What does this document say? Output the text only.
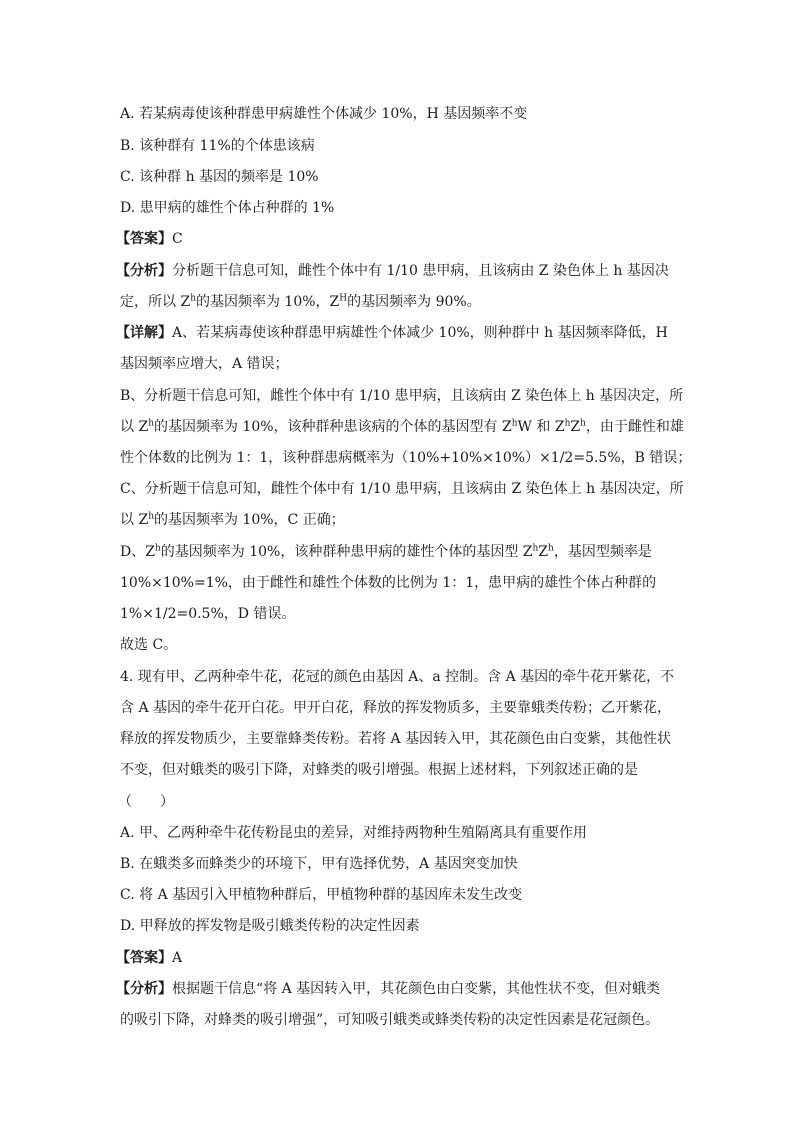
A. 若某病毒使该种群患甲病雄性个体减少 10%，H 基因频率不变
B. 该种群有 11%的个体患该病
C. 该种群 h 基因的频率是 10%
D. 患甲病的雄性个体占种群的 1%
【答案】C
【分析】分析题干信息可知，雌性个体中有 1/10 患甲病，且该病由 Z 染色体上 h 基因决
定，所以 $Z^h$的基因频率为 10%，$Z^H$的基因频率为 90%。
【详解】A、若某病毒使该种群患甲病雄性个体减少 10%，则种群中 h 基因频率降低，H
基因频率应增大，A 错误；
B、分析题干信息可知，雌性个体中有 1/10 患甲病，且该病由 Z 染色体上 h 基因决定，所
以 $Z^h$的基因频率为 10%，该种群种患该病的个体的基因型有 $Z^hW$ 和 $Z^hZ^h$，由于雌性和雄
性个体数的比例为 1：1，该种群患病概率为（10%+10%×10%）×1/2=5.5%，B 错误；
C、分析题干信息可知，雌性个体中有 1/10 患甲病，且该病由 Z 染色体上 h 基因决定，所
以 $Z^h$的基因频率为 10%，C 正确；
D、$Z^h$的基因频率为 10%，该种群种患甲病的雄性个体的基因型 $Z^hZ^h$，基因型频率是
10%×10%=1%，由于雌性和雄性个体数的比例为 1：1，患甲病的雄性个体占种群的
1%×1/2=0.5%，D 错误。
故选 C。
4. 现有甲、乙两种牵牛花，花冠的颜色由基因 A、a 控制。含 A 基因的牵牛花开紫花，不
含 A 基因的牵牛花开白花。甲开白花，释放的挥发物质多，主要靠蛾类传粉；乙开紫花，
释放的挥发物质少，主要靠蜂类传粉。若将 A 基因转入甲，其花颜色由白变紫，其他性状
不变，但对蛾类的吸引下降，对蜂类的吸引增强。根据上述材料，下列叙述正确的是
（　　）
A. 甲、乙两种牵牛花传粉昆虫的差异，对维持两物种生殖隔离具有重要作用
B. 在蛾类多而蜂类少的环境下，甲有选择优势，A 基因突变加快
C. 将 A 基因引入甲植物种群后，甲植物种群的基因库未发生改变
D. 甲释放的挥发物是吸引蛾类传粉的决定性因素
【答案】A
【分析】根据题干信息“将 A 基因转入甲，其花颜色由白变紫，其他性状不变，但对蛾类
的吸引下降，对蜂类的吸引增强”，可知吸引蛾类或蜂类传粉的决定性因素是花冠颜色。
